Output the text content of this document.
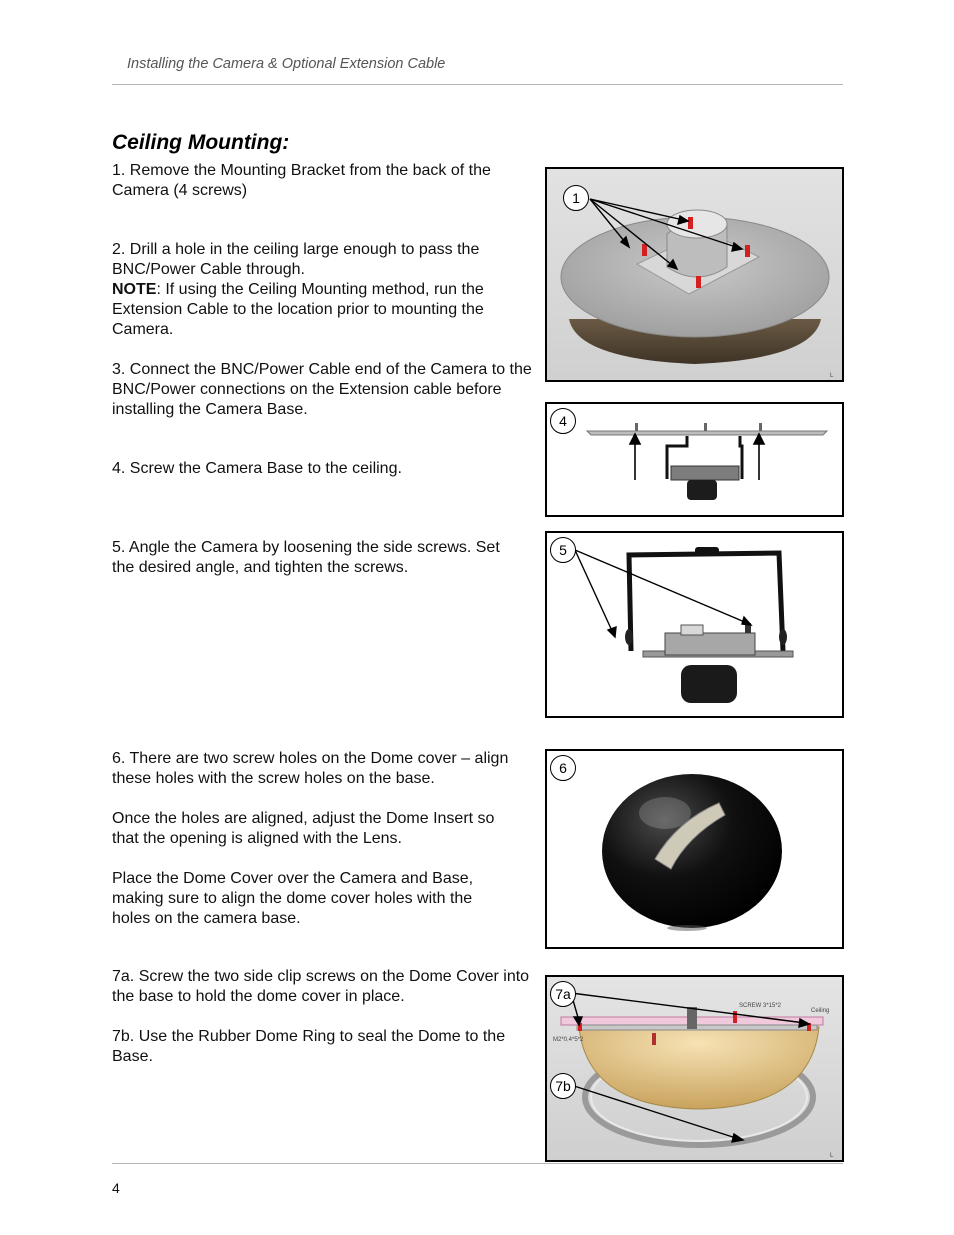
Installing the Camera & Optional Extension Cable
Ceiling Mounting:

1. Remove the Mounting Bracket from the back of the Camera (4 screws)

2. Drill a hole in the ceiling large enough to pass the BNC/Power Cable through.

NOTE: If using the Ceiling Mounting method, run the Extension Cable to the location prior to mounting the Camera.

3. Connect the BNC/Power Cable end of the Camera to the BNC/Power connections on the Extension cable before installing the Camera Base.

4. Screw the Camera Base to the ceiling.

5. Angle the Camera by loosening the side screws. Set the desired angle, and tighten the screws.

6. There are two screw holes on the Dome cover – align these holes with the screw holes on the base.

Once the holes are aligned, adjust the Dome Insert so that the opening is aligned with the Lens.

Place the Dome Cover over the Camera and Base, making sure to align the dome cover holes with the holes on the camera base.

7a. Screw the two side clip screws on the Dome Cover into the base to hold the dome cover in place.

7b. Use the Rubber Dome Ring to seal the Dome to the Base.

L
1
4
5
6
SCREW 3*15*2
Ceiling
M2*0.4*5*2
L
7a
7b
4
